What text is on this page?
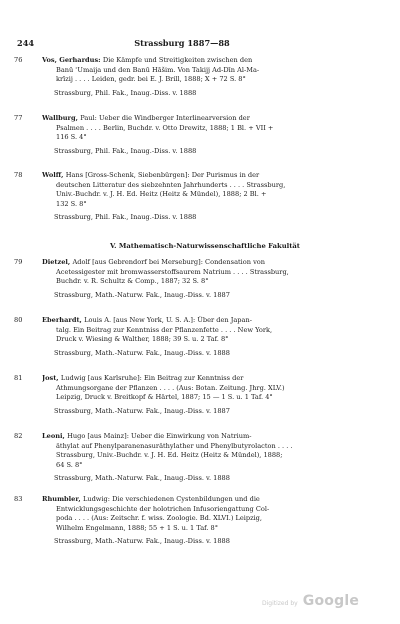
244	Strassburg 1887—88
76	Vos, Gerhardus: Die Kämpfe und Streitigkeiten zwischen den
Banū ʿUmaija und den Banū Hāšim. Von Takijj Ad-Dīn Al-Ma-
krīzij . . . . Leiden, gedr. bei E. J. Brill, 1888; X + 72 S. 8°
Strassburg, Phil. Fak., Inaug.-Diss. v. 1888
77	Wallburg, Paul: Ueber die Windberger Interlinearversion der
Psalmen . . . . Berlin, Buchdr. v. Otto Drewitz, 1888; 1 Bl. + VII +
116 S. 4°
Strassburg, Phil. Fak., Inaug.-Diss. v. 1888
78	Wolff, Hans [Gross-Schenk, Siebenbürgen]: Der Purismus in der
deutschen Litteratur des siebzehnten Jahrhunderts . . . . Strassburg,
Univ.-Buchdr. v. J. H. Ed. Heitz (Heitz & Mündel), 1888; 2 Bl. +
132 S. 8°
Strassburg, Phil. Fak., Inaug.-Diss. v. 1888
V. Mathematisch-Naturwissenschaftliche Fakultät
79	Dietzel, Adolf [aus Gebrendorf bei Merseburg]: Condensation von
Acetessigester mit bromwasserstoffsaurem Natrium . . . . Strassburg,
Buchdr. v. R. Schultz & Comp., 1887; 32 S. 8°
Strassburg, Math.-Naturw. Fak., Inaug.-Diss. v. 1887
80	Eberhardt, Louis A. [aus New York, U. S. A.]: Über den Japan-
talg. Ein Beitrag zur Kenntniss der Pflanzenfette . . . . New York,
Druck v. Wiesing & Walther, 1888; 39 S. u. 2 Taf. 8°
Strassburg, Math.-Naturw. Fak., Inaug.-Diss. v. 1888
81	Jost, Ludwig [aus Karlsruhe]: Ein Beitrag zur Kenntniss der
Athmungsorgane der Pflanzen . . . . (Aus: Botan. Zeitung. Jhrg. XLV.)
Leipzig, Druck v. Breitkopf & Härtel, 1887; 15 — 1 S. u. 1 Taf. 4°
Strassburg, Math.-Naturw. Fak., Inaug.-Diss. v. 1887
82	Leoni, Hugo [aus Mainz]: Ueber die Einwirkung von Natrium-
äthylat auf Phenylparanenasuräthylather und Phenylbutyrolacton . . . .
Strassburg, Univ.-Buchdr. v. J. H. Ed. Heitz (Heitz & Mündel), 1888;
64 S. 8°
Strassburg, Math.-Naturw. Fak., Inaug.-Diss. v. 1888
83	Rhumbler, Ludwig: Die verschiedenen Cystenbildungen und die
Entwicklungsgeschichte der holotrichen Infusoriengattung Col-
podа . . . . (Aus: Zeitschr. f. wiss. Zoologie. Bd. XLVI.) Leipzig,
Wilhelm Engelmann, 1888; 55 + 1 S. u. 1 Taf. 8°
Strassburg, Math.-Naturw. Fak., Inaug.-Diss. v. 1888
Digitized by Google
